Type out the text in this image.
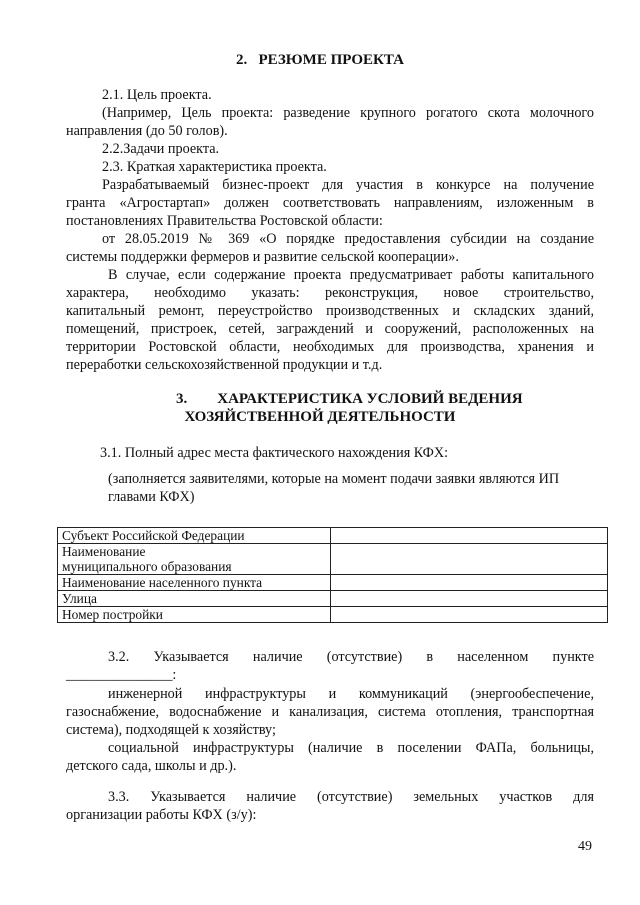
2.   РЕЗЮМЕ ПРОЕКТА
2.1. Цель проекта.
(Например, Цель проекта: разведение крупного рогатого скота молочного
направления (до 50 голов).
2.2.Задачи проекта.
2.3. Краткая характеристика проекта.
Разрабатываемый бизнес-проект для участия в конкурсе на получение
гранта «Агростартап» должен соответствовать направлениям, изложенным в
постановлениях Правительства Ростовской области:
от 28.05.2019 № 369 «О порядке предоставления субсидии на создание
системы поддержки фермеров и развитие сельской кооперации».
В случае, если содержание проекта предусматривает работы капитального
характера, необходимо указать: реконструкция, новое строительство,
капитальный ремонт, переустройство производственных и складских зданий,
помещений, пристроек, сетей, заграждений и сооружений, расположенных на
территории Ростовской области, необходимых для производства, хранения и
переработки сельскохозяйственной продукции и т.д.
3.        ХАРАКТЕРИСТИКА УСЛОВИЙ ВЕДЕНИЯ
ХОЗЯЙСТВЕННОЙ ДЕЯТЕЛЬНОСТИ
3.1. Полный адрес места фактического нахождения КФХ:
(заполняется заявителями, которые на момент подачи заявки являются ИП
главами КФХ)
Субъект Российской Федерации	
Наименование муниципального образования	
Наименование населенного пункта	
Улица	
Номер постройки	
3.2. Указывается наличие (отсутствие) в населенном пункте
_______________:
инженерной инфраструктуры и коммуникаций (энергообеспечение,
газоснабжение, водоснабжение и канализация, система отопления, транспортная
система), подходящей к хозяйству;
социальной инфраструктуры (наличие в поселении ФАПа, больницы,
детского сада, школы и др.).
3.3. Указывается наличие (отсутствие) земельных участков для
организации работы КФХ (з/у):
49
